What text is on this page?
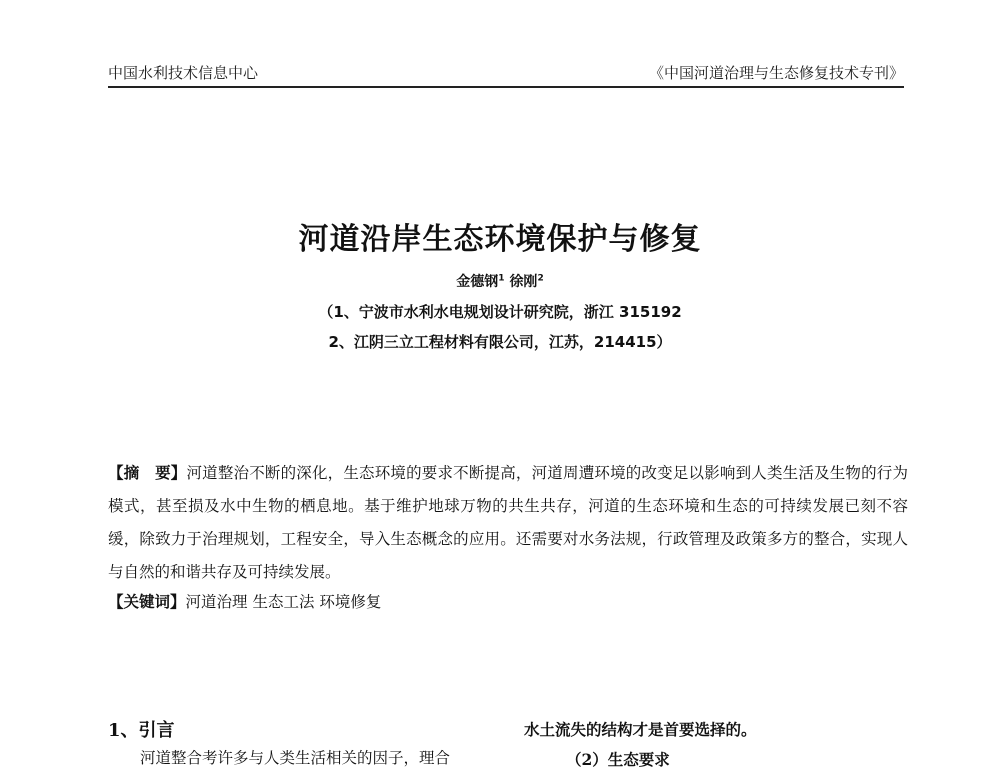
中国水利技术信息中心	《中国河道治理与生态修复技术专刊》
河道沿岸生态环境保护与修复
金德钢$^1$ 徐刚$^2$
（1、宁波市水利水电规划设计研究院，浙江 315192
2、江阴三立工程材料有限公司，江苏，214415）
【摘　要】河道整治不断的深化，生态环境的要求不断提高，河道周遭环境的改变足以影响到人类生活及生物的行为模式，甚至损及水中生物的栖息地。基于维护地球万物的共生共存，河道的生态环境和生态的可持续发展已刻不容缓，除致力于治理规划，工程安全，导入生态概念的应用。还需要对水务法规，行政管理及政策多方的整合，实现人与自然的和谐共存及可持续发展。
【关键词】河道治理 生态工法 环境修复
1、引言
河道整合考许多与人类生活相关的因子，理合
水土流失的结构才是首要选择的。
（2）生态要求
